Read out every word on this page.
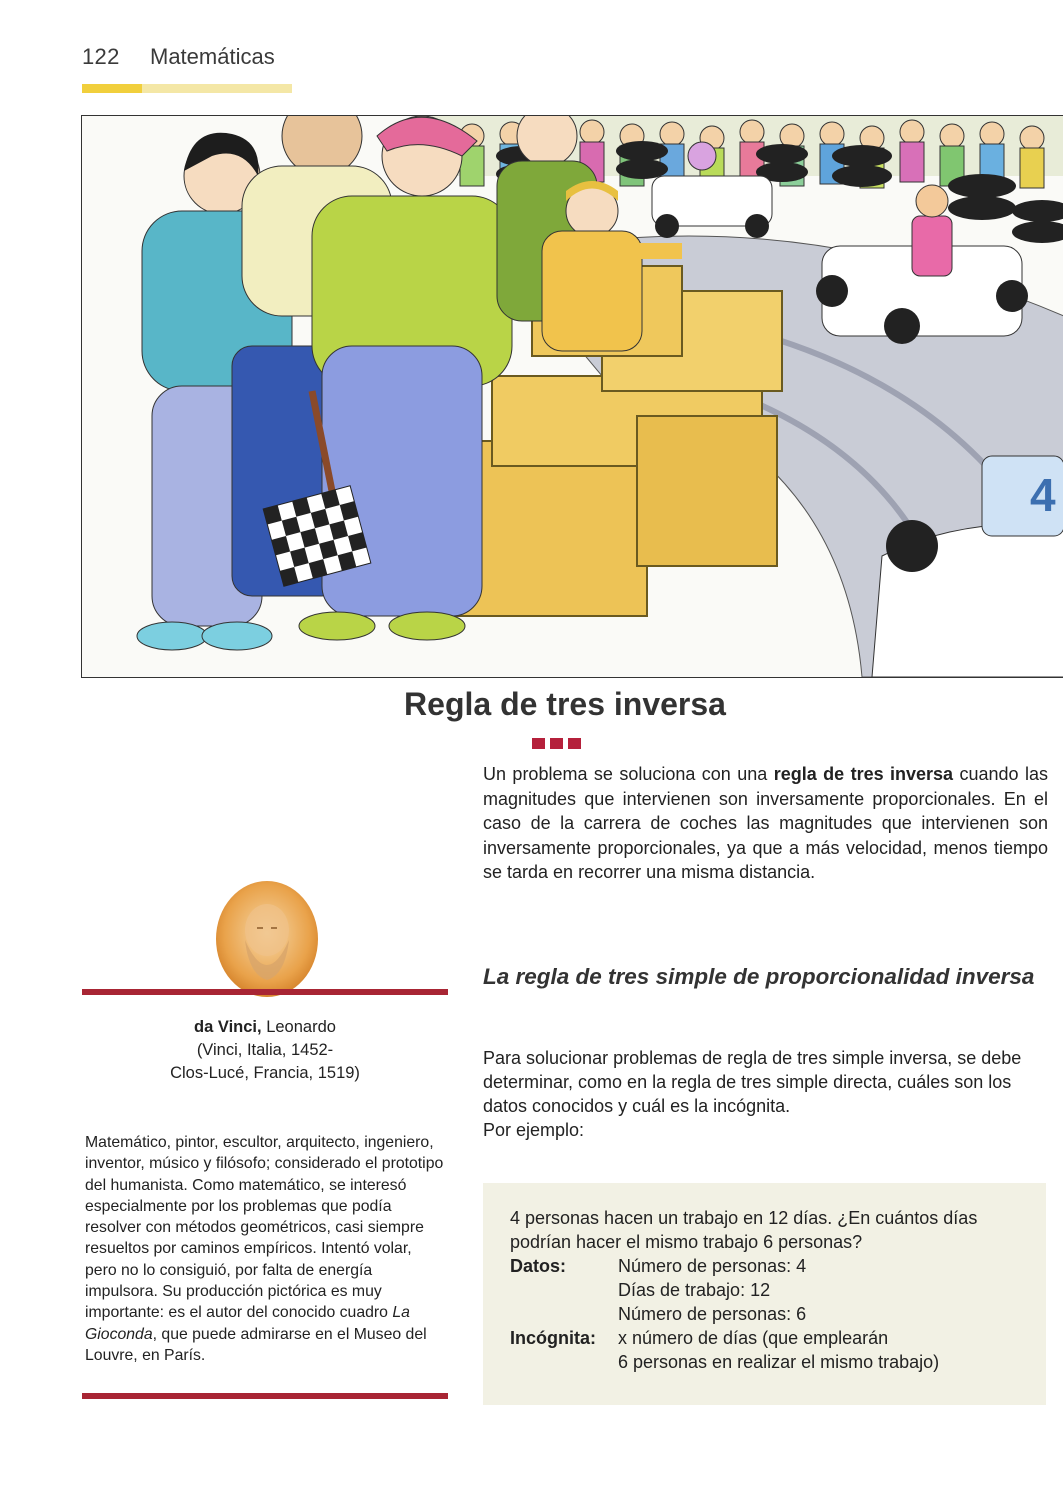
122 Matemáticas
4
Regla de tres inversa
Un problema se soluciona con una regla de tres inversa cuando las magnitudes que intervienen son inversamente proporcionales. En el caso de la carrera de coches las magnitudes que intervienen son inversamente proporcionales, ya que a más velocidad, menos tiempo se tarda en recorrer una misma distancia.
La regla de tres simple de proporcionalidad inversa
Para solucionar problemas de regla de tres simple inversa, se debe determinar, como en la regla de tres simple directa, cuáles son los datos conocidos y cuál es la incógnita.
Por ejemplo:
4 personas hacen un trabajo en 12 días. ¿En cuántos días podrían hacer el mismo trabajo 6 personas?
Datos:	Número de personas: 4
Días de trabajo: 12
Número de personas: 6
Incógnita:	x número de días (que emplearán
6 personas en realizar el mismo trabajo)
da Vinci, Leonardo
(Vinci, Italia, 1452-
Clos-Lucé, Francia, 1519)
Matemático, pintor, escultor, arquitecto, ingeniero, inventor, músico y filósofo; considerado el prototipo del humanista. Como matemático, se interesó especialmente por los problemas que podía resolver con métodos geométricos, casi siempre resueltos por caminos empíricos. Intentó volar, pero no lo consiguió, por falta de energía impulsora. Su producción pictórica es muy importante: es el autor del conocido cuadro La Gioconda, que puede admirarse en el Museo del Louvre, en París.
